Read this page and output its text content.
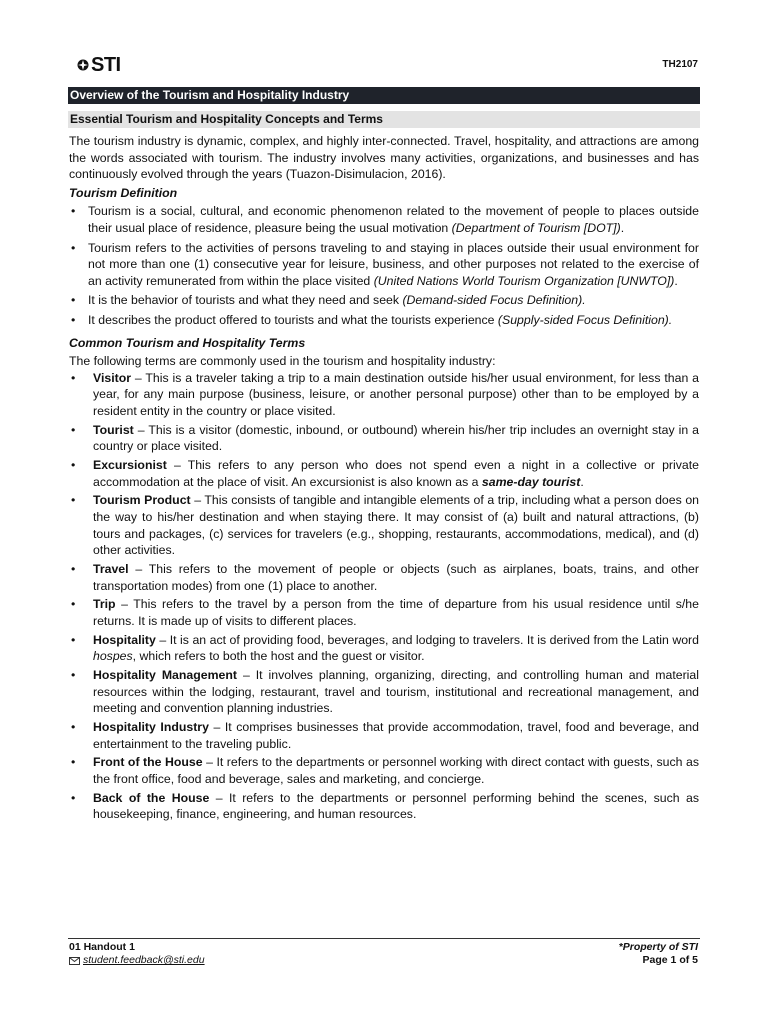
STI	TH2107
Overview of the Tourism and Hospitality Industry
Essential Tourism and Hospitality Concepts and Terms

The tourism industry is dynamic, complex, and highly inter-connected. Travel, hospitality, and attractions are among the words associated with tourism. The industry involves many activities, organizations, and businesses and has continuously evolved through the years (Tuazon-Disimulacion, 2016).

Tourism Definition
• Tourism is a social, cultural, and economic phenomenon related to the movement of people to places outside their usual place of residence, pleasure being the usual motivation (Department of Tourism [DOT]).
• Tourism refers to the activities of persons traveling to and staying in places outside their usual environment for not more than one (1) consecutive year for leisure, business, and other purposes not related to the exercise of an activity remunerated from within the place visited (United Nations World Tourism Organization [UNWTO]).
• It is the behavior of tourists and what they need and seek (Demand-sided Focus Definition).
• It describes the product offered to tourists and what the tourists experience (Supply-sided Focus Definition).
Common Tourism and Hospitality Terms

The following terms are commonly used in the tourism and hospitality industry:

• Visitor – This is a traveler taking a trip to a main destination outside his/her usual environment, for less than a year, for any main purpose (business, leisure, or another personal purpose) other than to be employed by a resident entity in the country or place visited.
• Tourist – This is a visitor (domestic, inbound, or outbound) wherein his/her trip includes an overnight stay in a country or place visited.
• Excursionist – This refers to any person who does not spend even a night in a collective or private accommodation at the place of visit. An excursionist is also known as a same-day tourist.
• Tourism Product – This consists of tangible and intangible elements of a trip, including what a person does on the way to his/her destination and when staying there. It may consist of (a) built and natural attractions, (b) tours and packages, (c) services for travelers (e.g., shopping, restaurants, accommodations, medical), and (d) other activities.
• Travel – This refers to the movement of people or objects (such as airplanes, boats, trains, and other transportation modes) from one (1) place to another.
• Trip – This refers to the travel by a person from the time of departure from his usual residence until s/he returns. It is made up of visits to different places.
• Hospitality – It is an act of providing food, beverages, and lodging to travelers. It is derived from the Latin word hospes, which refers to both the host and the guest or visitor.
• Hospitality Management – It involves planning, organizing, directing, and controlling human and material resources within the lodging, restaurant, travel and tourism, institutional and recreational management, and meeting and convention planning industries.
• Hospitality Industry – It comprises businesses that provide accommodation, travel, food and beverage, and entertainment to the traveling public.
• Front of the House – It refers to the departments or personnel working with direct contact with guests, such as the front office, food and beverage, sales and marketing, and concierge.
• Back of the House – It refers to the departments or personnel performing behind the scenes, such as housekeeping, finance, engineering, and human resources.
01 Handout 1
student.feedback@sti.edu
*Property of STI
Page 1 of 5
